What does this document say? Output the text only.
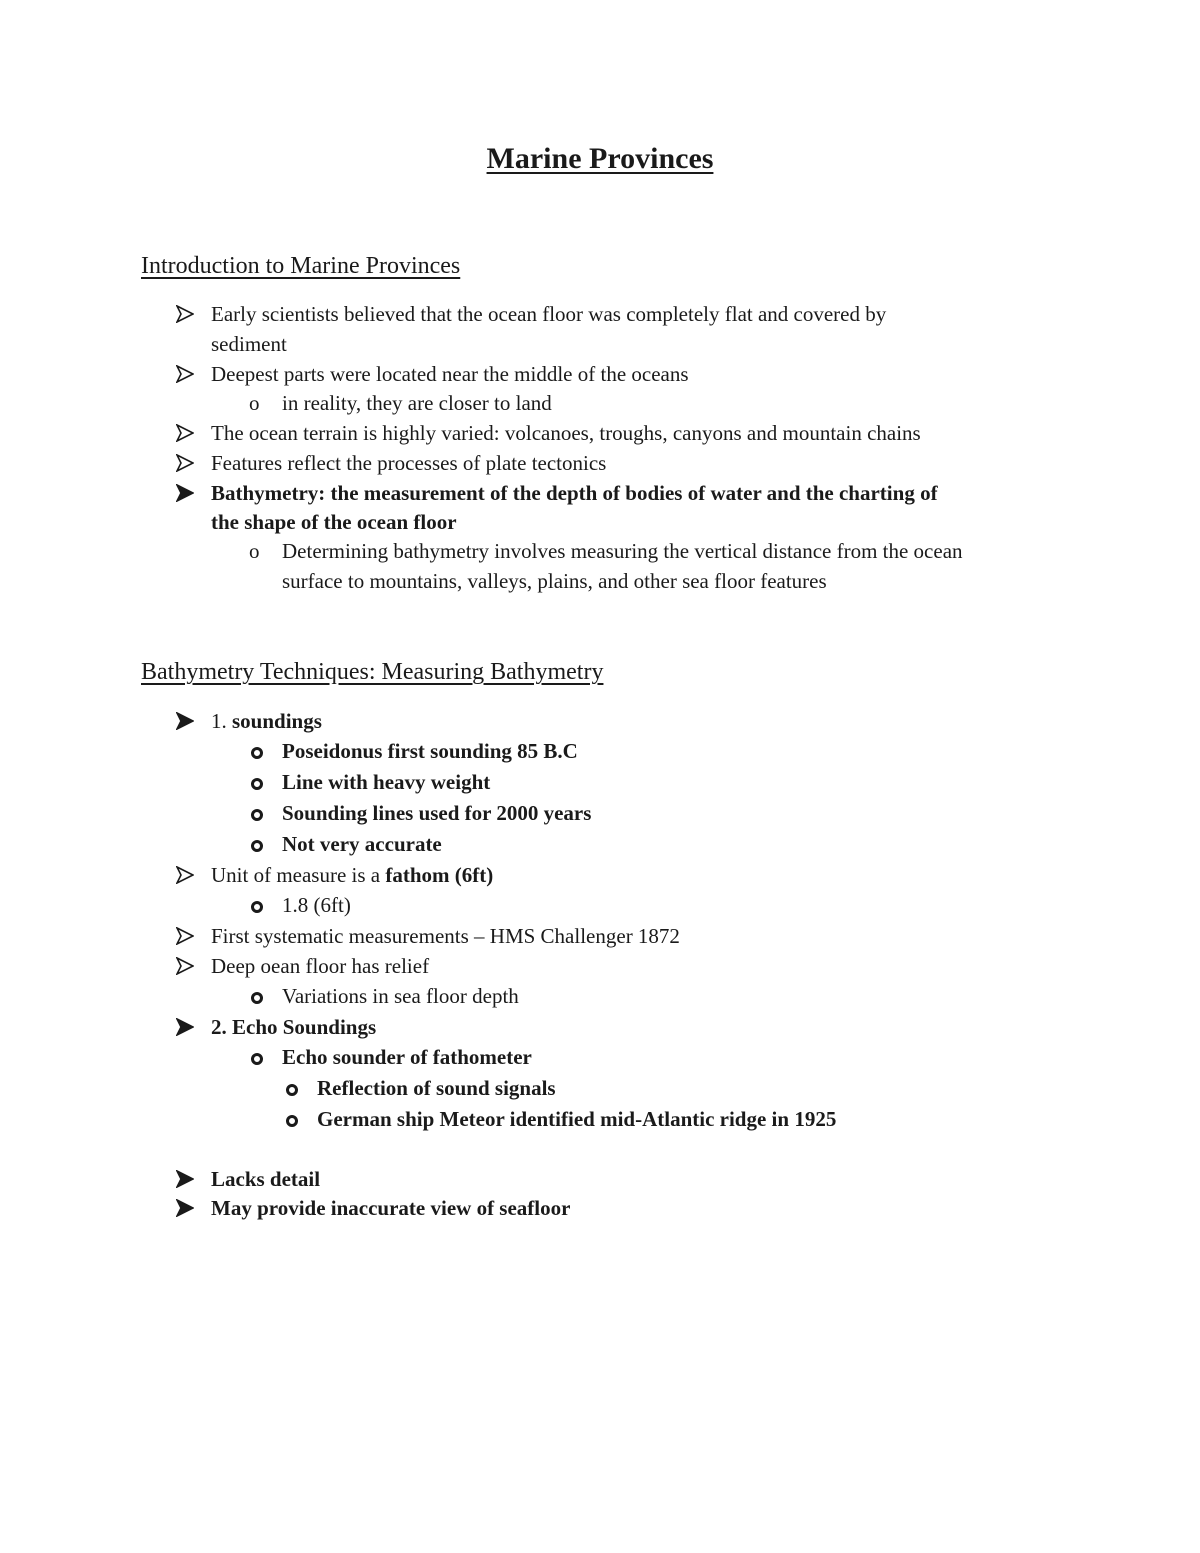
Marine Provinces
Introduction to Marine Provinces
Early scientists believed that the ocean floor was completely flat and covered by
sediment
Deepest parts were located near the middle of the oceans
o in reality, they are closer to land
The ocean terrain is highly varied: volcanoes, troughs, canyons and mountain chains
Features reflect the processes of plate tectonics
Bathymetry: the measurement of the depth of bodies of water and the charting of
the shape of the ocean floor
o Determining bathymetry involves measuring the vertical distance from the ocean
surface to mountains, valleys, plains, and other sea floor features
Bathymetry Techniques: Measuring Bathymetry
1. soundings
Poseidonus first sounding 85 B.C
Line with heavy weight
Sounding lines used for 2000 years
Not very accurate
Unit of measure is a fathom (6ft)
1.8 (6ft)
First systematic measurements – HMS Challenger 1872
Deep oean floor has relief
Variations in sea floor depth
2. Echo Soundings
Echo sounder of fathometer
Reflection of sound signals
German ship Meteor identified mid-Atlantic ridge in 1925
Lacks detail
May provide inaccurate view of seafloor
